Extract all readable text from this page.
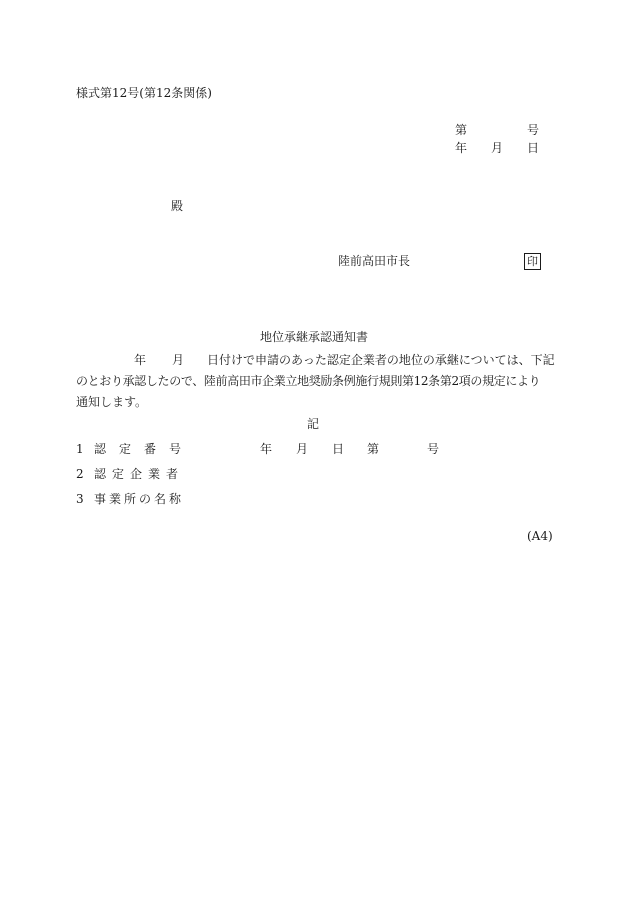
様式第12号(第12条関係)
第	号
年 月 日
殿
陸前高田市長	印
地位承継承認通知書
年 月 日付けで申請のあった認定企業者の地位の承継については、下記
のとおり承認したので、陸前高田市企業立地奨励条例施行規則第12条第2項の規定により
通知します。
記
1 認定番号	年 月 日 第	号
2 認定企業者
3 事業所の名称
(A4)
